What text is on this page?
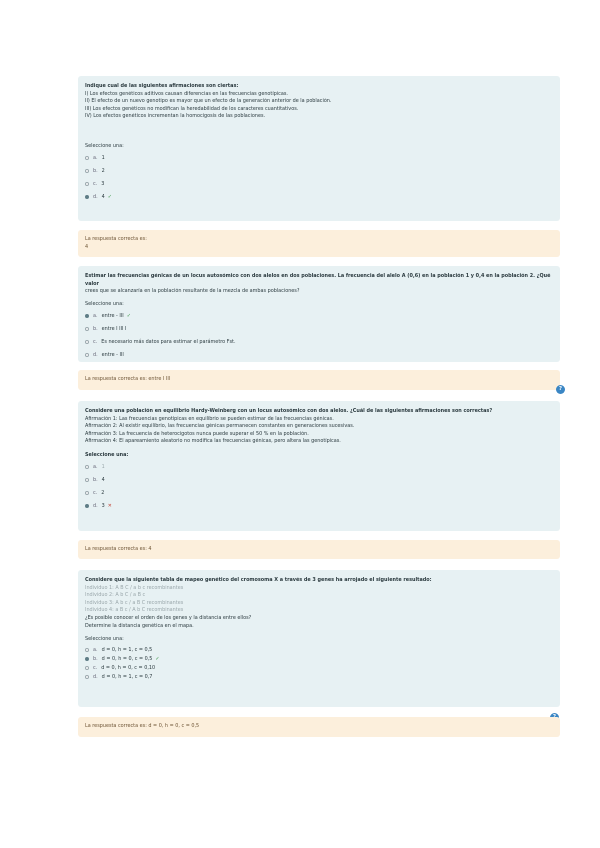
Indique cual de las siguientes afirmaciones son ciertas:
I) Los efectos genéticos aditivos causan diferencias en las frecuencias genotípicas.
II) El efecto de un nuevo genotipo es mayor que un efecto de la generación anterior de la población.
III) Los efectos genéticos no modifican la heredabilidad de los caracteres cuantitativos.
IV) Los efectos genéticos incrementan la homocigosis de las poblaciones.
Seleccione una:
a. 1
b. 2
c. 3
d. 4 ✓
La respuesta correcta es:
4
Estimar las frecuencias génicas de un locus autosómico con dos alelos en dos poblaciones. La frecuencia del alelo A (0,6) en la población 1 y 0,4 en la población 2. ¿Qué valor
crees que se alcanzaría en la población resultante de la mezcla de ambas poblaciones?
Seleccione una:
a. entre - III ✓
b. entre I III I
c. Es necesario más datos para estimar el parámetro Fst.
d. entre - III
La respuesta correcta es: entre I III
?
Considere una población en equilibrio Hardy-Weinberg con un locus autosómico con dos alelos. ¿Cuál de las siguientes afirmaciones son correctas?
Afirmación 1: Las frecuencias genotípicas en equilibrio se pueden estimar de las frecuencias génicas.
Afirmación 2: Al existir equilibrio, las frecuencias génicas permanecen constantes en generaciones sucesivas.
Afirmación 3: La frecuencia de heterocigotos nunca puede superar el 50 % en la población.
Afirmación 4: El apareamiento aleatorio no modifica las frecuencias génicas, pero altera las genotípicas.
Seleccione una:
a. 1
b. 4
c. 2
d. 3 ✕
La respuesta correcta es: 4
Considere que la siguiente tabla de mapeo genético del cromosoma X a través de 3 genes ha arrojado el siguiente resultado:
Individuo 1: A B C / a b c recombinantes
Individuo 2: A b C / a B c
Individuo 3: A b c / a B C recombinantes
Individuo 4: a B c / A b C recombinantes
¿Es posible conocer el orden de los genes y la distancia entre ellos?
Determine la distancia genética en el mapa.
Seleccione una:
a. d = 0, h = 1, c = 0,5
b. d = 0, h = 0, c = 0,5 ✓
c. d = 0, h = 0, c = 0,10
d. d = 0, h = 1, c = 0,7
La respuesta correcta es: d = 0, h = 0, c = 0,5
